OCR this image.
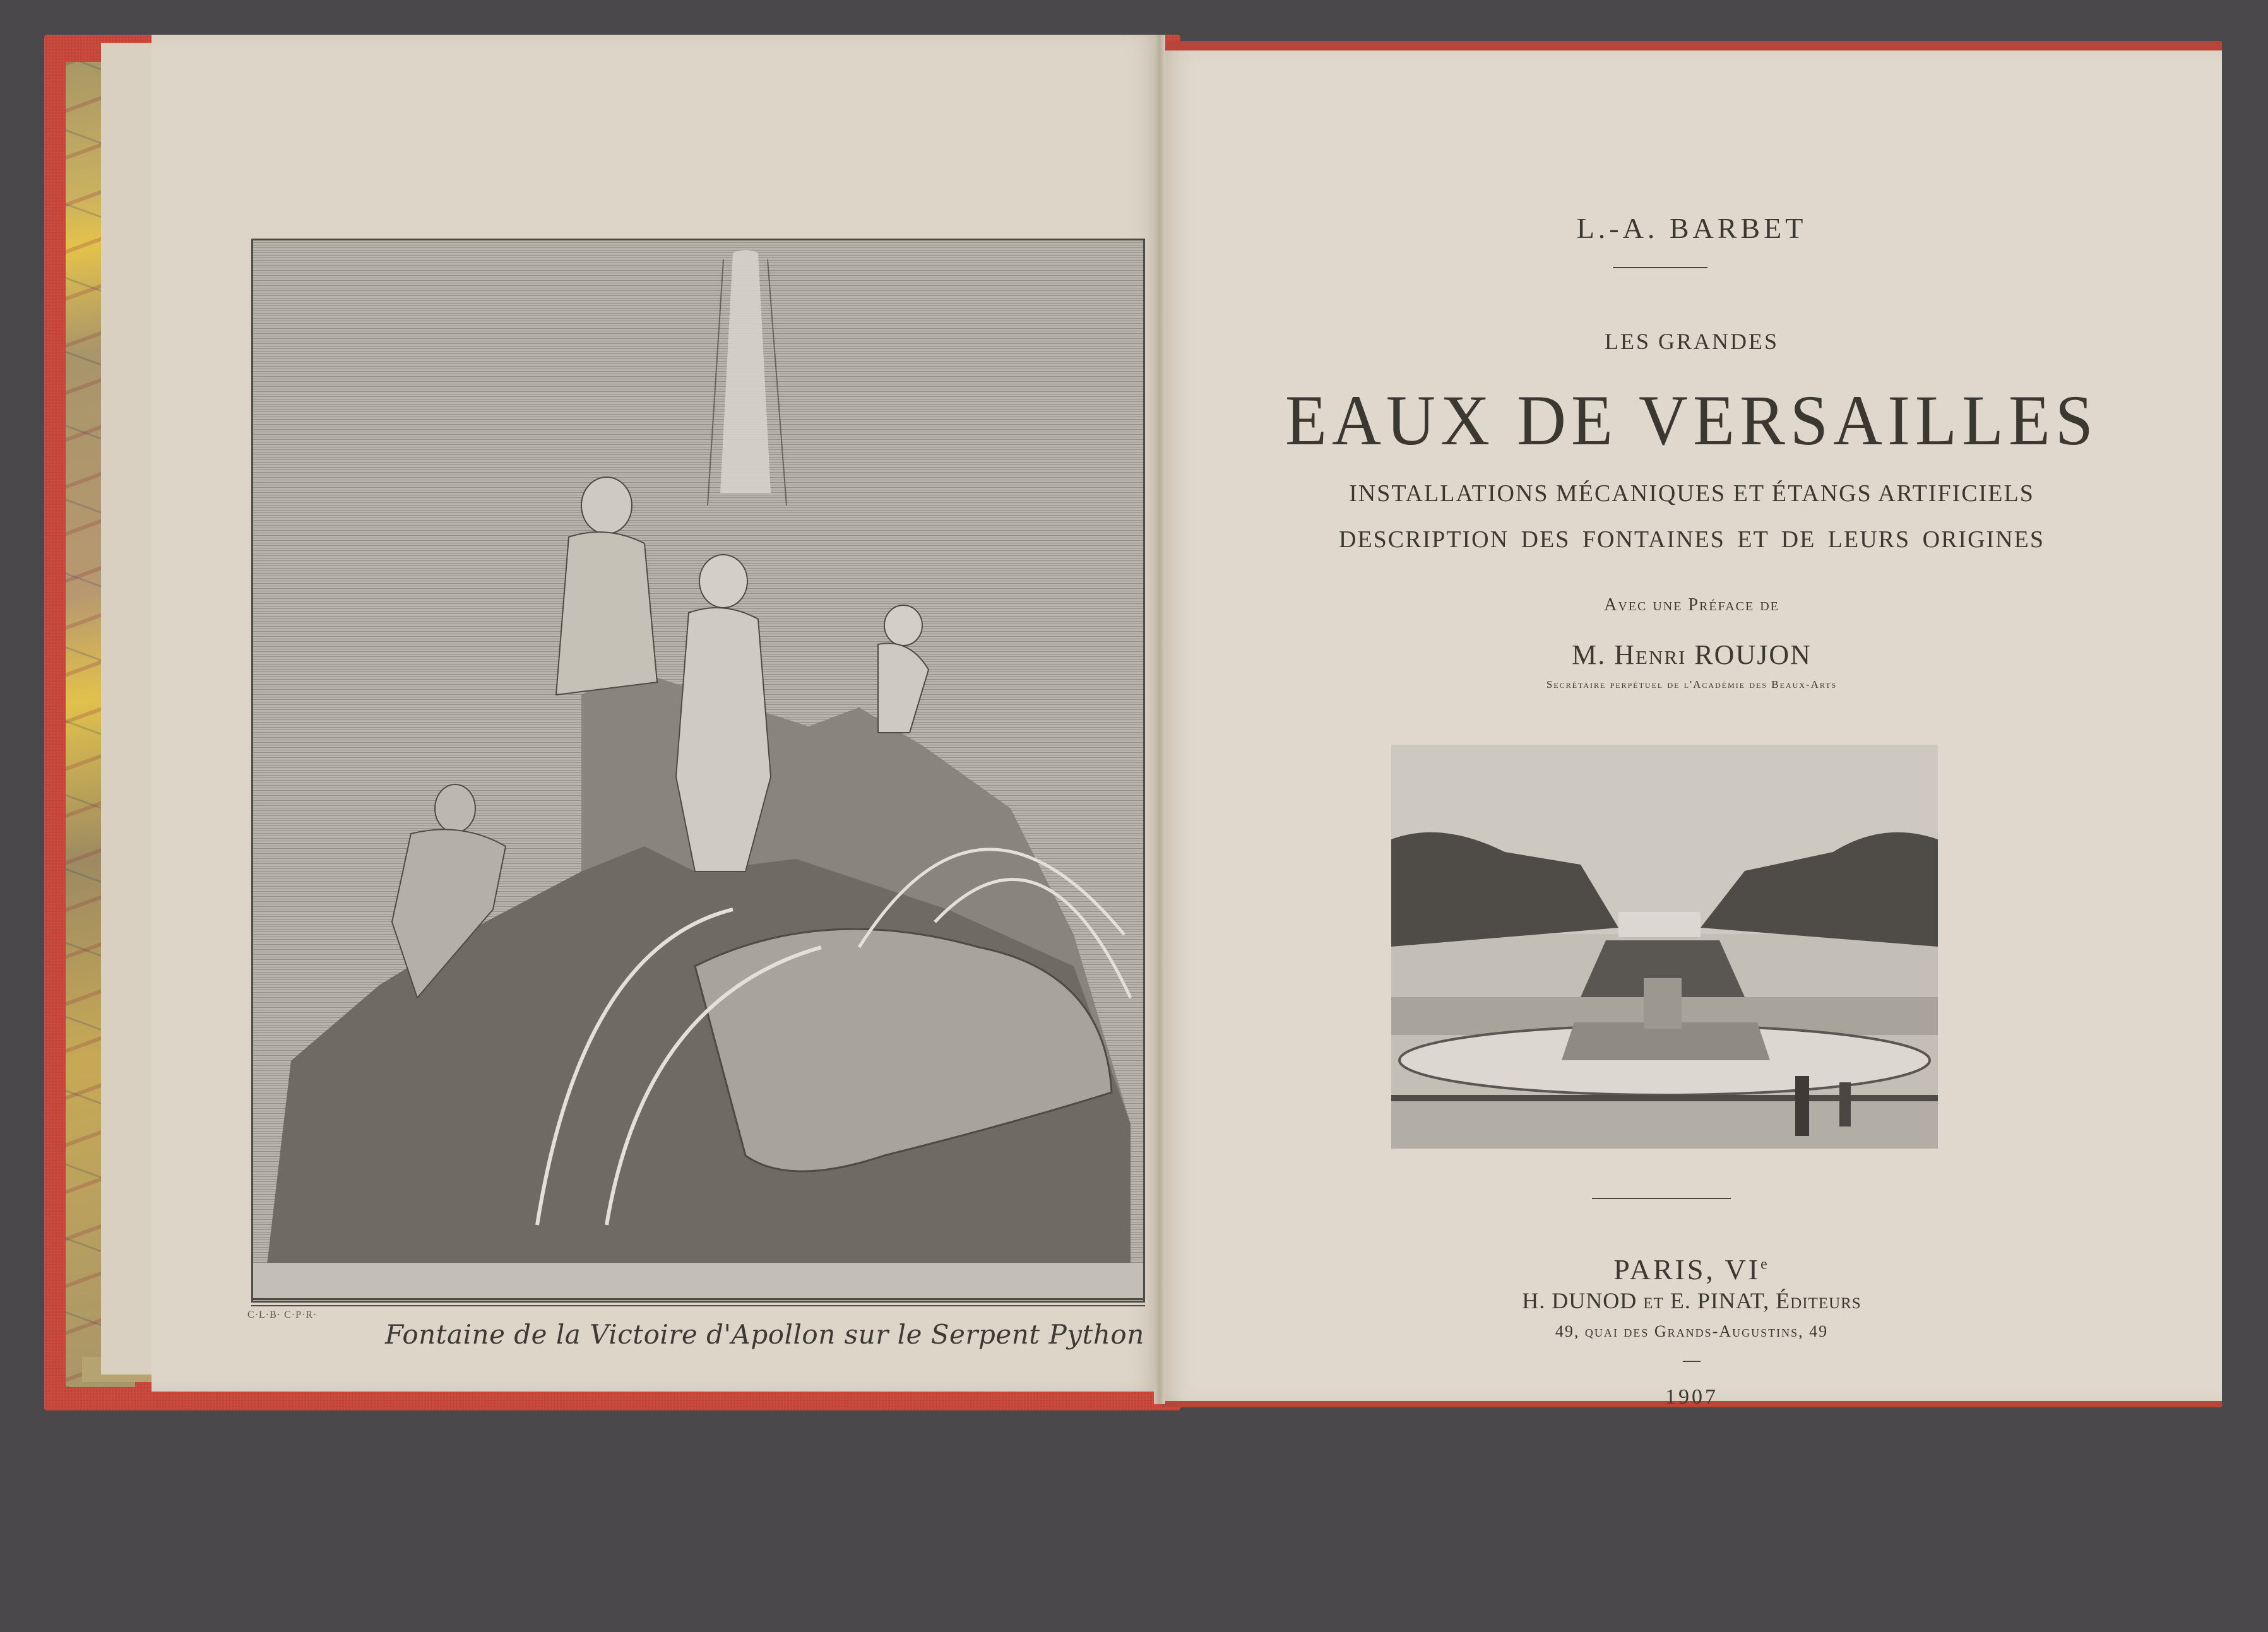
C·L·B· C·P·R·
Fontaine de la Victoire d'Apollon sur le Serpent Python
L.-A. BARBET
LES GRANDES
EAUX DE VERSAILLES
INSTALLATIONS MÉCANIQUES ET ÉTANGS ARTIFICIELS
DESCRIPTION DES FONTAINES ET DE LEURS ORIGINES
Avec une Préface de
M. Henri ROUJON
Secrétaire perpétuel de l'Académie des Beaux-Arts
PARIS, VIe
H. DUNOD et E. PINAT, Éditeurs
49, quai des Grands-Augustins, 49
—
1907
